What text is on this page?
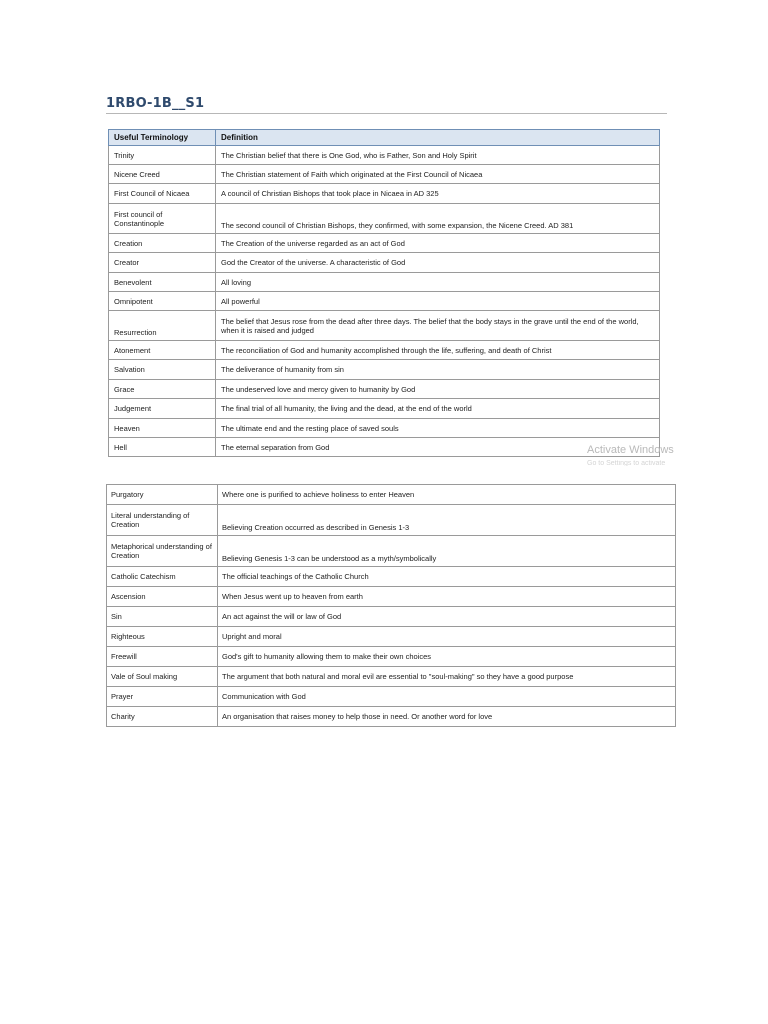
1RBO-1B__S1
Useful Terminology	Definition
Trinity	The Christian belief that there is One God, who is Father, Son and Holy Spirit
Nicene Creed	The Christian statement of Faith which originated at the First Council of Nicaea
First Council of Nicaea	A council of Christian Bishops that took place in Nicaea in AD 325
First council of Constantinople	The second council of Christian Bishops, they confirmed, with some expansion, the Nicene Creed. AD 381
Creation	The Creation of the universe regarded as an act of God
Creator	God the Creator of the universe. A characteristic of God
Benevolent	All loving
Omnipotent	All powerful
Resurrection	The belief that Jesus rose from the dead after three days. The belief that the body stays in the grave until the end of the world, when it is raised and judged
Atonement	The reconciliation of God and humanity accomplished through the life, suffering, and death of Christ
Salvation	The deliverance of humanity from sin
Grace	The undeserved love and mercy given to humanity by God
Judgement	The final trial of all humanity, the living and the dead, at the end of the world
Heaven	The ultimate end and the resting place of saved souls
Hell	The eternal separation from God	Activate Windows
Go to Settings to activate
Purgatory	Where one is purified to achieve holiness to enter Heaven
Literal understanding of Creation	Believing Creation occurred as described in Genesis 1-3
Metaphorical understanding of Creation	Believing Genesis 1-3 can be understood as a myth/symbolically
Catholic Catechism	The official teachings of the Catholic Church
Ascension	When Jesus went up to heaven from earth
Sin	An act against the will or law of God
Righteous	Upright and moral
Freewill	God's gift to humanity allowing them to make their own choices
Vale of Soul making	The argument that both natural and moral evil are essential to "soul-making" so they have a good purpose
Prayer	Communication with God
Charity	An organisation that raises money to help those in need. Or another word for love
